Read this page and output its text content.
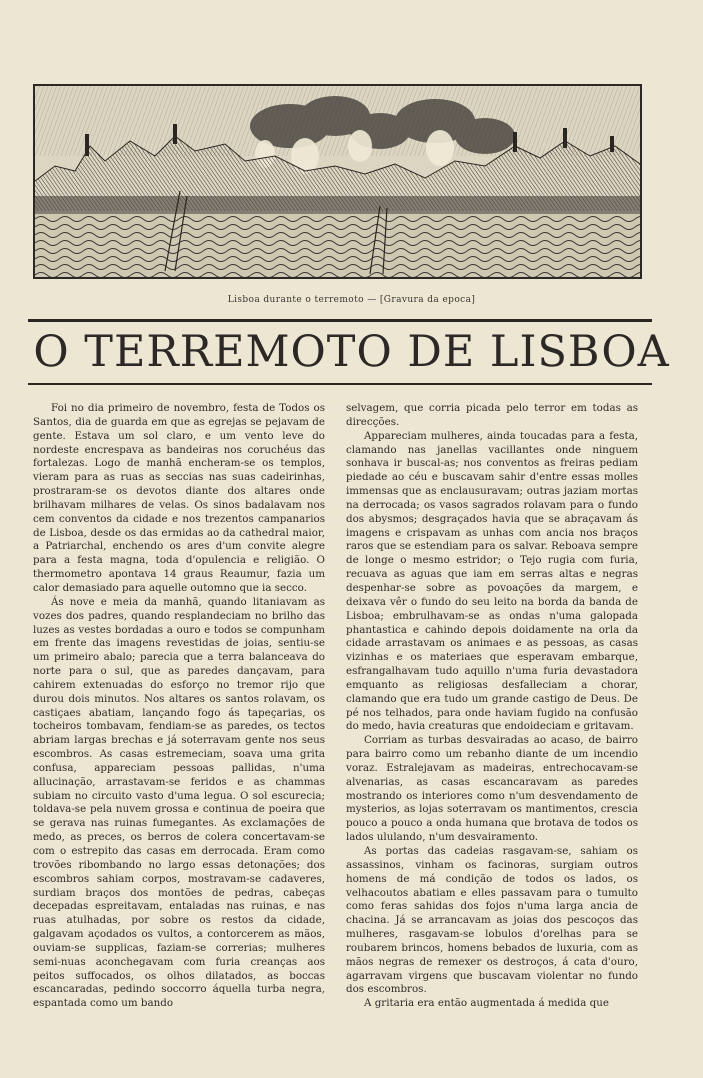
Lisboa durante o terremoto — [Gravura da epoca]
O TERREMOTO DE LISBOA

Foi no dia primeiro de novembro, festa de Todos os Santos, dia de guarda em que as egrejas se pejavam de gente. Estava um sol claro, e um vento leve do nordeste encrespava as bandeiras nos coruchéus das fortalezas. Logo de manhã encheram-se os templos, vieram para as ruas as seccias nas suas cadeirinhas, prostraram-se os devotos diante dos altares onde brilhavam milhares de velas. Os sinos badalavam nos cem conventos da cidade e nos trezentos campanarios de Lisboa, desde os das ermidas ao da cathedral maior, a Patriarchal, enchendo os ares d'um convite alegre para a festa magna, toda d'opulencia e religião. O thermometro apontava 14 graus Reaumur, fazia um calor demasiado para aquelle outomno que ia secco.

Ás nove e meia da manhã, quando litaniavam as vozes dos padres, quando resplandeciam no brilho das luzes as vestes bordadas a ouro e todos se compunham em frente das imagens revestidas de joias, sentiu-se um primeiro abalo; parecia que a terra balanceava do norte para o sul, que as paredes dançavam, para cahirem extenuadas do esforço no tremor rijo que durou dois minutos. Nos altares os santos rolavam, os castiçaes abatiam, lançando fogo ás tapeçarias, os tocheiros tombavam, fendiam-se as paredes, os tectos abriam largas brechas e já soterravam gente nos seus escombros. As casas estremeciam, soava uma grita confusa, appareciam pessoas pallidas, n'uma allucinação, arrastavam-se feridos e as chammas subiam no circuito vasto d'uma legua. O sol escurecia; toldava-se pela nuvem grossa e continua de poeira que se gerava nas ruinas fumegantes. As exclamações de medo, as preces, os berros de colera concertavam-se com o estrepito das casas em derrocada. Eram como trovões ribombando no largo essas detonações; dos escombros sahiam corpos, mostravam-se cadaveres, surdiam braços dos montões de pedras, cabeças decepadas espreitavam, entaladas nas ruinas, e nas ruas atulhadas, por sobre os restos da cidade, galgavam açodados os vultos, a contorcerem as mãos, ouviam-se supplicas, faziam-se correrias; mulheres semi-nuas aconchegavam com furia creanças aos peitos suffocados, os olhos dilatados, as boccas escancaradas, pedindo soccorro áquella turba negra, espantada como um bando

selvagem, que corria picada pelo terror em todas as direcções.

Appareciam mulheres, ainda toucadas para a festa, clamando nas janellas vacillantes onde ninguem sonhava ir buscal-as; nos conventos as freiras pediam piedade ao céu e buscavam sahir d'entre essas molles immensas que as enclausuravam; outras jaziam mortas na derrocada; os vasos sagrados rolavam para o fundo dos abysmos; desgraçados havia que se abraçavam ás imagens e crispavam as unhas com ancia nos braços raros que se estendiam para os salvar. Reboava sempre de longe o mesmo estridor; o Tejo rugia com furia, recuava as aguas que iam em serras altas e negras despenhar-se sobre as povoações da margem, e deixava vêr o fundo do seu leito na borda da banda de Lisboa; embrulhavam-se as ondas n'uma galopada phantastica e cahindo depois doidamente na orla da cidade arrastavam os animaes e as pessoas, as casas vizinhas e os materiaes que esperavam embarque, esfrangalhavam tudo aquillo n'uma furia devastadora emquanto as religiosas desfalleciam a chorar, clamando que era tudo um grande castigo de Deus. De pé nos telhados, para onde haviam fugido na confusão do medo, havia creaturas que endoideciam e gritavam.

Corriam as turbas desvairadas ao acaso, de bairro para bairro como um rebanho diante de um incendio voraz. Estralejavam as madeiras, entrechocavam-se alvenarias, as casas escancaravam as paredes mostrando os interiores como n'um desvendamento de mysterios, as lojas soterravam os mantimentos, crescia pouco a pouco a onda humana que brotava de todos os lados ululando, n'um desvairamento.

As portas das cadeias rasgavam-se, sahiam os assassinos, vinham os facinoras, surgiam outros homens de má condição de todos os lados, os velhacoutos abatiam e elles passavam para o tumulto como feras sahidas dos fojos n'uma larga ancia de chacina. Já se arrancavam as joias dos pescoços das mulheres, rasgavam-se lobulos d'orelhas para se roubarem brincos, homens bebados de luxuria, com as mãos negras de remexer os destroços, á cata d'ouro, agarravam virgens que buscavam violentar no fundo dos escombros.

A gritaria era então augmentada á medida que
